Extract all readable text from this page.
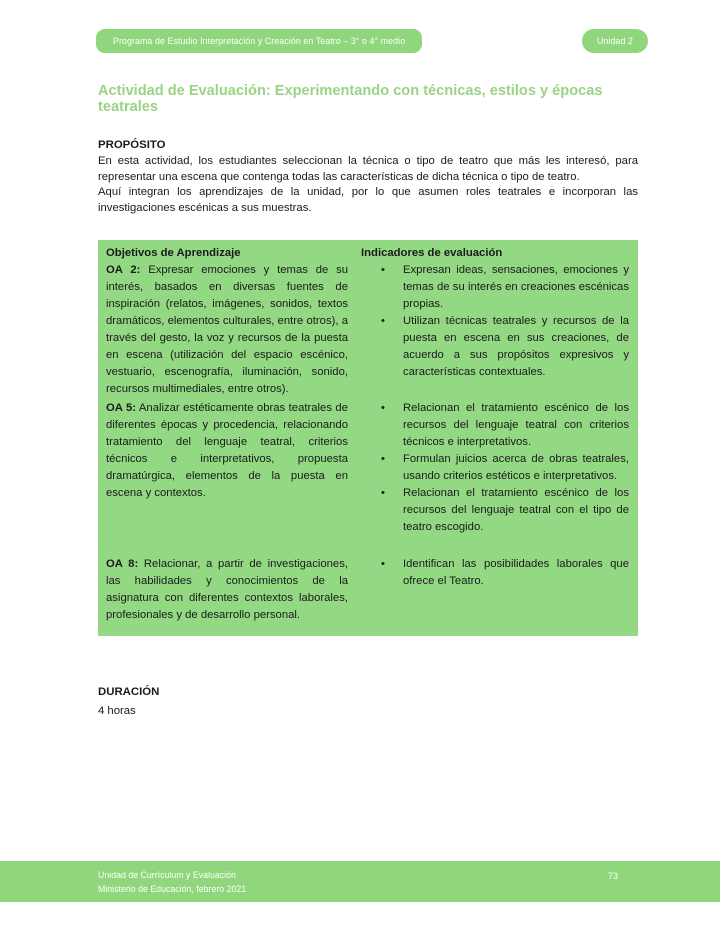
Programa de Estudio Interpretación y Creación en Teatro – 3° o 4° medio	Unidad 2
Actividad de Evaluación: Experimentando con técnicas, estilos y épocas teatrales
PROPÓSITO

En esta actividad, los estudiantes seleccionan la técnica o tipo de teatro que más les interesó, para representar una escena que contenga todas las características de dicha técnica o tipo de teatro.

Aquí integran los aprendizajes de la unidad, por lo que asumen roles teatrales e incorporan las investigaciones escénicas a sus muestras.

Objetivos de Aprendizaje	Indicadores de evaluación
OA 2: Expresar emociones y temas de su interés, basados en diversas fuentes de inspiración (relatos, imágenes, sonidos, textos dramáticos, elementos culturales, entre otros), a través del gesto, la voz y recursos de la puesta en escena (utilización del espacio escénico, vestuario, escenografía, iluminación, sonido, recursos multimediales, entre otros).
• Expresan ideas, sensaciones, emociones y temas de su interés en creaciones escénicas propias.
• Utilizan técnicas teatrales y recursos de la puesta en escena en sus creaciones, de acuerdo a sus propósitos expresivos y características contextuales.
OA 5: Analizar estéticamente obras teatrales de diferentes épocas y procedencia, relacionando tratamiento del lenguaje teatral, criterios técnicos e interpretativos, propuesta dramatúrgica, elementos de la puesta en escena y contextos.
• Relacionan el tratamiento escénico de los recursos del lenguaje teatral con criterios técnicos e interpretativos.
• Formulan juicios acerca de obras teatrales, usando criterios estéticos e interpretativos.
• Relacionan el tratamiento escénico de los recursos del lenguaje teatral con el tipo de teatro escogido.
OA 8: Relacionar, a partir de investigaciones, las habilidades y conocimientos de la asignatura con diferentes contextos laborales, profesionales y de desarrollo personal.
• Identifican las posibilidades laborales que ofrece el Teatro.
DURACIÓN

4 horas

Unidad de Currículum y Evaluación
Ministerio de Educación, febrero 2021
73
